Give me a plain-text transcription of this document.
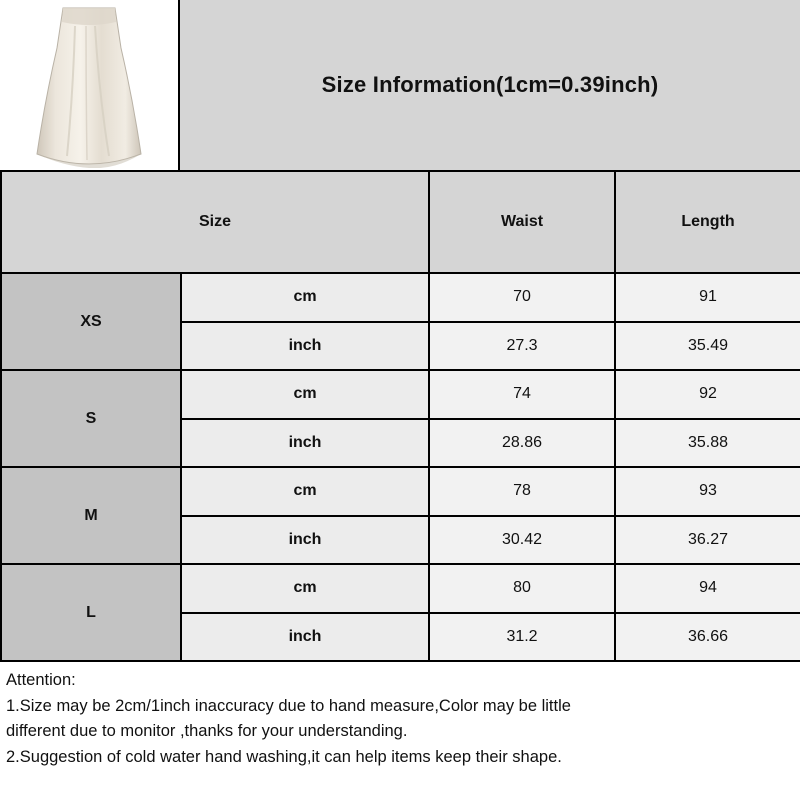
Size Information(1cm=0.39inch)
Size		Waist	Length
XS	cm	70	91
	inch	27.3	35.49
S	cm	74	92
	inch	28.86	35.88
M	cm	78	93
	inch	30.42	36.27
L	cm	80	94
	inch	31.2	36.66
Attention:
1.Size may be 2cm/1inch inaccuracy due to hand measure,Color may be little
different due to monitor ,thanks for your understanding.
2.Suggestion of cold water hand washing,it can help items keep their shape.
